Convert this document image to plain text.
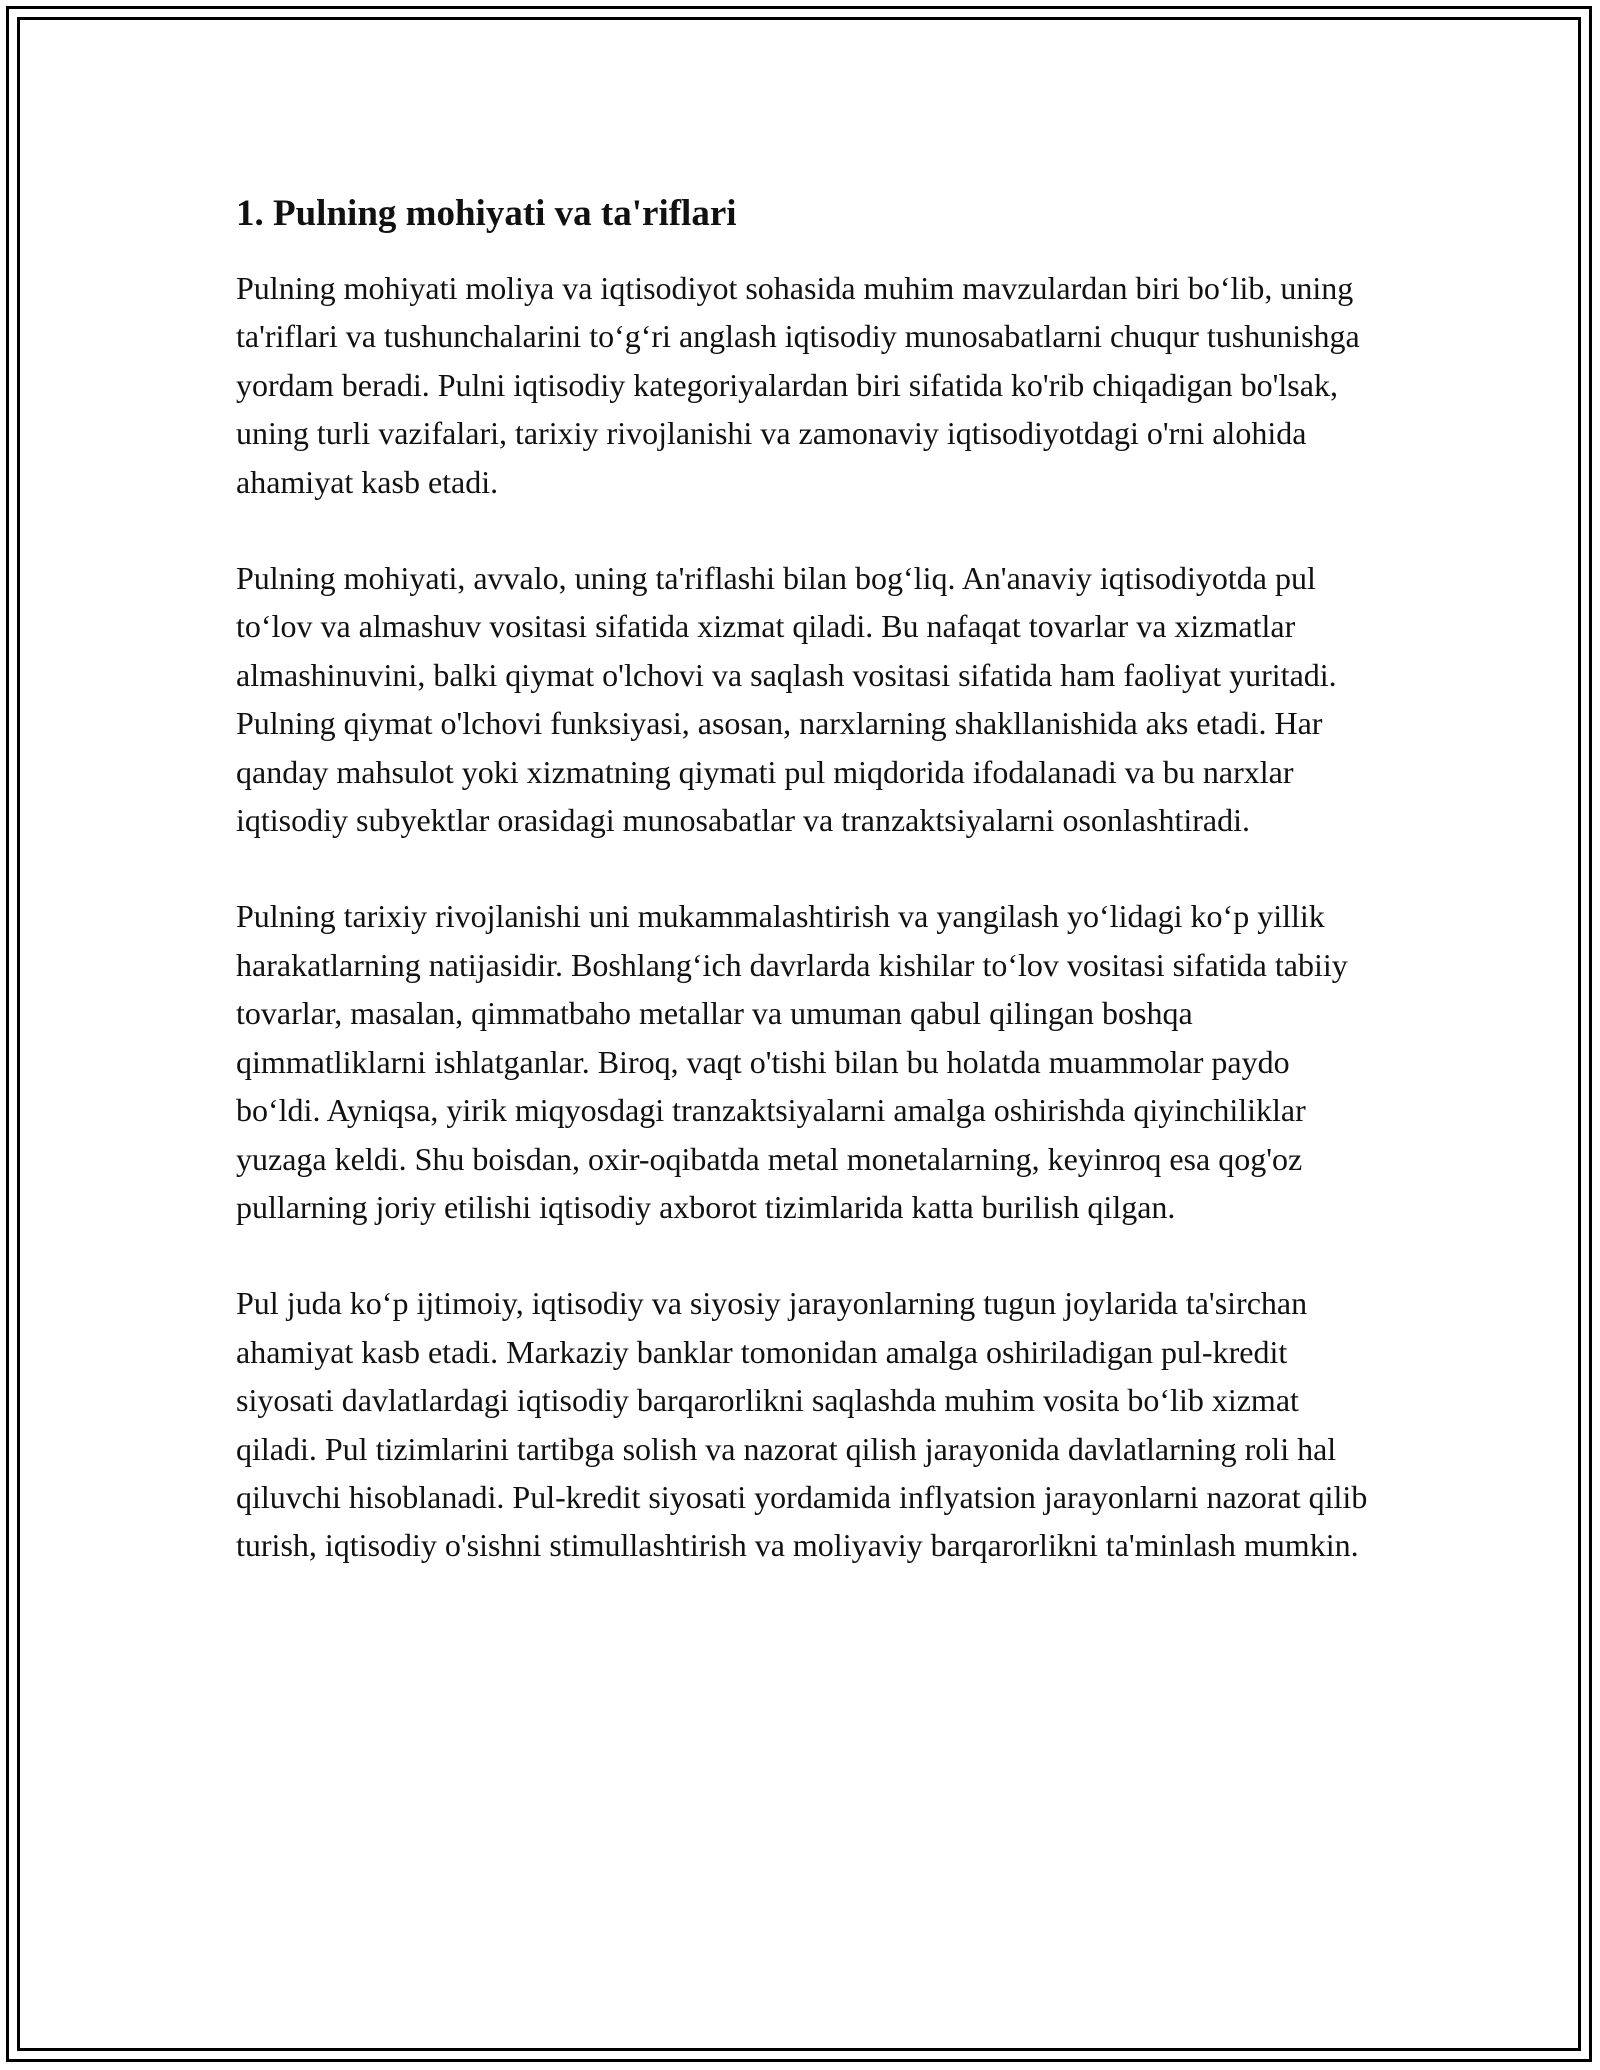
1. Pulning mohiyati va ta'riflari

Pulning mohiyati moliya va iqtisodiyot sohasida muhim mavzulardan biri bo‘lib, uning ta'riflari va tushunchalarini to‘g‘ri anglash iqtisodiy munosabatlarni chuqur tushunishga yordam beradi. Pulni iqtisodiy kategoriyalardan biri sifatida ko'rib chiqadigan bo'lsak, uning turli vazifalari, tarixiy rivojlanishi va zamonaviy iqtisodiyotdagi o'rni alohida ahamiyat kasb etadi.

Pulning mohiyati, avvalo, uning ta'riflashi bilan bog‘liq. An'anaviy iqtisodiyotda pul to‘lov va almashuv vositasi sifatida xizmat qiladi. Bu nafaqat tovarlar va xizmatlar almashinuvini, balki qiymat o'lchovi va saqlash vositasi sifatida ham faoliyat yuritadi. Pulning qiymat o'lchovi funksiyasi, asosan, narxlarning shakllanishida aks etadi. Har qanday mahsulot yoki xizmatning qiymati pul miqdorida ifodalanadi va bu narxlar iqtisodiy subyektlar orasidagi munosabatlar va tranzaktsiyalarni osonlashtiradi.

Pulning tarixiy rivojlanishi uni mukammalashtirish va yangilash yo‘lidagi ko‘p yillik harakatlarning natijasidir. Boshlang‘ich davrlarda kishilar to‘lov vositasi sifatida tabiiy tovarlar, masalan, qimmatbaho metallar va umuman qabul qilingan boshqa qimmatliklarni ishlatganlar. Biroq, vaqt o'tishi bilan bu holatda muammolar paydo bo‘ldi. Ayniqsa, yirik miqyosdagi tranzaktsiyalarni amalga oshirishda qiyinchiliklar yuzaga keldi. Shu boisdan, oxir-oqibatda metal monetalarning, keyinroq esa qog'oz pullarning joriy etilishi iqtisodiy axborot tizimlarida katta burilish qilgan.

Pul juda ko‘p ijtimoiy, iqtisodiy va siyosiy jarayonlarning tugun joylarida ta'sirchan ahamiyat kasb etadi. Markaziy banklar tomonidan amalga oshiriladigan pul-kredit siyosati davlatlardagi iqtisodiy barqarorlikni saqlashda muhim vosita bo‘lib xizmat qiladi. Pul tizimlarini tartibga solish va nazorat qilish jarayonida davlatlarning roli hal qiluvchi hisoblanadi. Pul-kredit siyosati yordamida inflyatsion jarayonlarni nazorat qilib turish, iqtisodiy o'sishni stimullashtirish va moliyaviy barqarorlikni ta'minlash mumkin.
